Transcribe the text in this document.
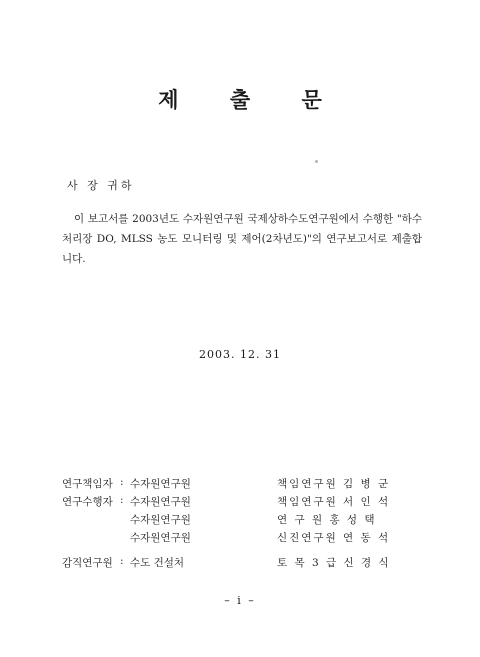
제 출 문
사 장 귀하
이 보고서를 2003년도 수자원연구원 국제상하수도연구원에서 수행한 "하수처리장 DO, MLSS 농도 모니터링 및 제어(2차년도)"의 연구보고서로 제출합니다.
2003. 12. 31
연구책임자 : 수자원연구원	책임연구원 김 병 군
연구수행자 : 수자원연구원	책임연구원 서 인 석
수자원연구원	연 구 원 홍 성 택
수자원연구원	신진연구원 연 동 석
감직연구원 : 수도 건설처	토 목 3 급 신 경 식
– i –
